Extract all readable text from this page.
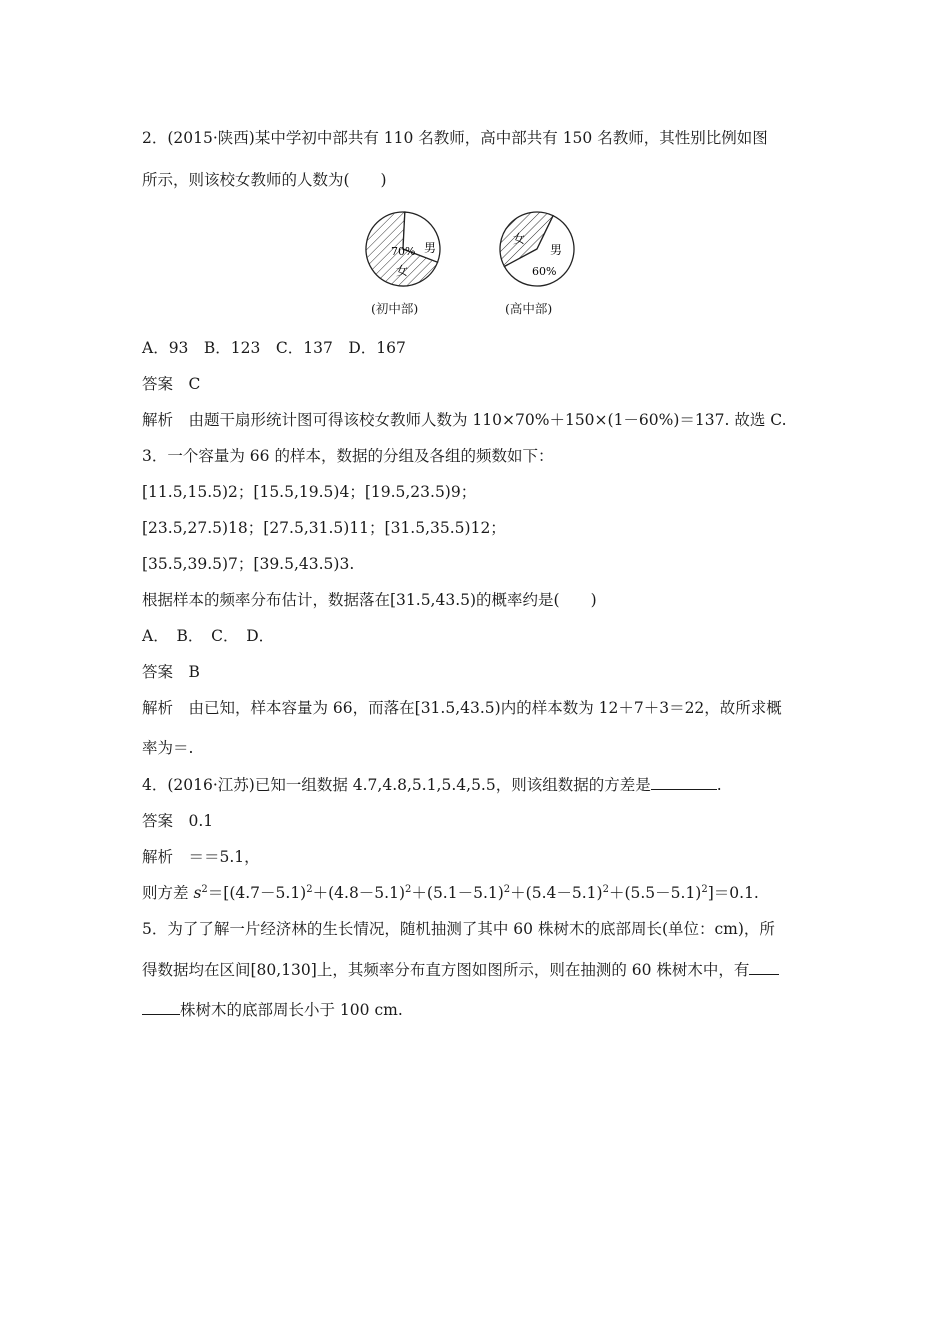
2．(2015·陕西)某中学初中部共有 110 名教师，高中部共有 150 名教师，其性别比例如图
所示，则该校女教师的人数为(　　)
70%
女
男
女
男
60%
(初中部)	(高中部)
A．93　B．123　C．137　D．167
答案　C
解析　由题干扇形统计图可得该校女教师人数为 110×70%＋150×(1－60%)＝137. 故选 C.
3．一个容量为 66 的样本，数据的分组及各组的频数如下：
[11.5,15.5)2；[15.5,19.5)4；[19.5,23.5)9；
[23.5,27.5)18；[27.5,31.5)11；[31.5,35.5)12；
[35.5,39.5)7；[39.5,43.5)3.
根据样本的频率分布估计，数据落在[31.5,43.5)的概率约是(　　)
A．　B．　C．　D．
答案　B
解析　由已知，样本容量为 66，而落在[31.5,43.5)内的样本数为 12＋7＋3＝22，故所求概
率为＝.
4．(2016·江苏)已知一组数据 4.7,4.8,5.1,5.4,5.5，则该组数据的方差是	.
答案　0.1
解析　＝＝5.1，
则方差 $s^2=[(4.7-5.1)^2+(4.8-5.1)^2+(5.1-5.1)^2+(5.4-5.1)^2+(5.5-5.1)^2]=0.1$.
5．为了了解一片经济林的生长情况，随机抽测了其中 60 株树木的底部周长(单位：cm)，所
得数据均在区间[80,130]上，其频率分布直方图如图所示，则在抽测的 60 株树木中，有
株树木的底部周长小于 100 cm.
